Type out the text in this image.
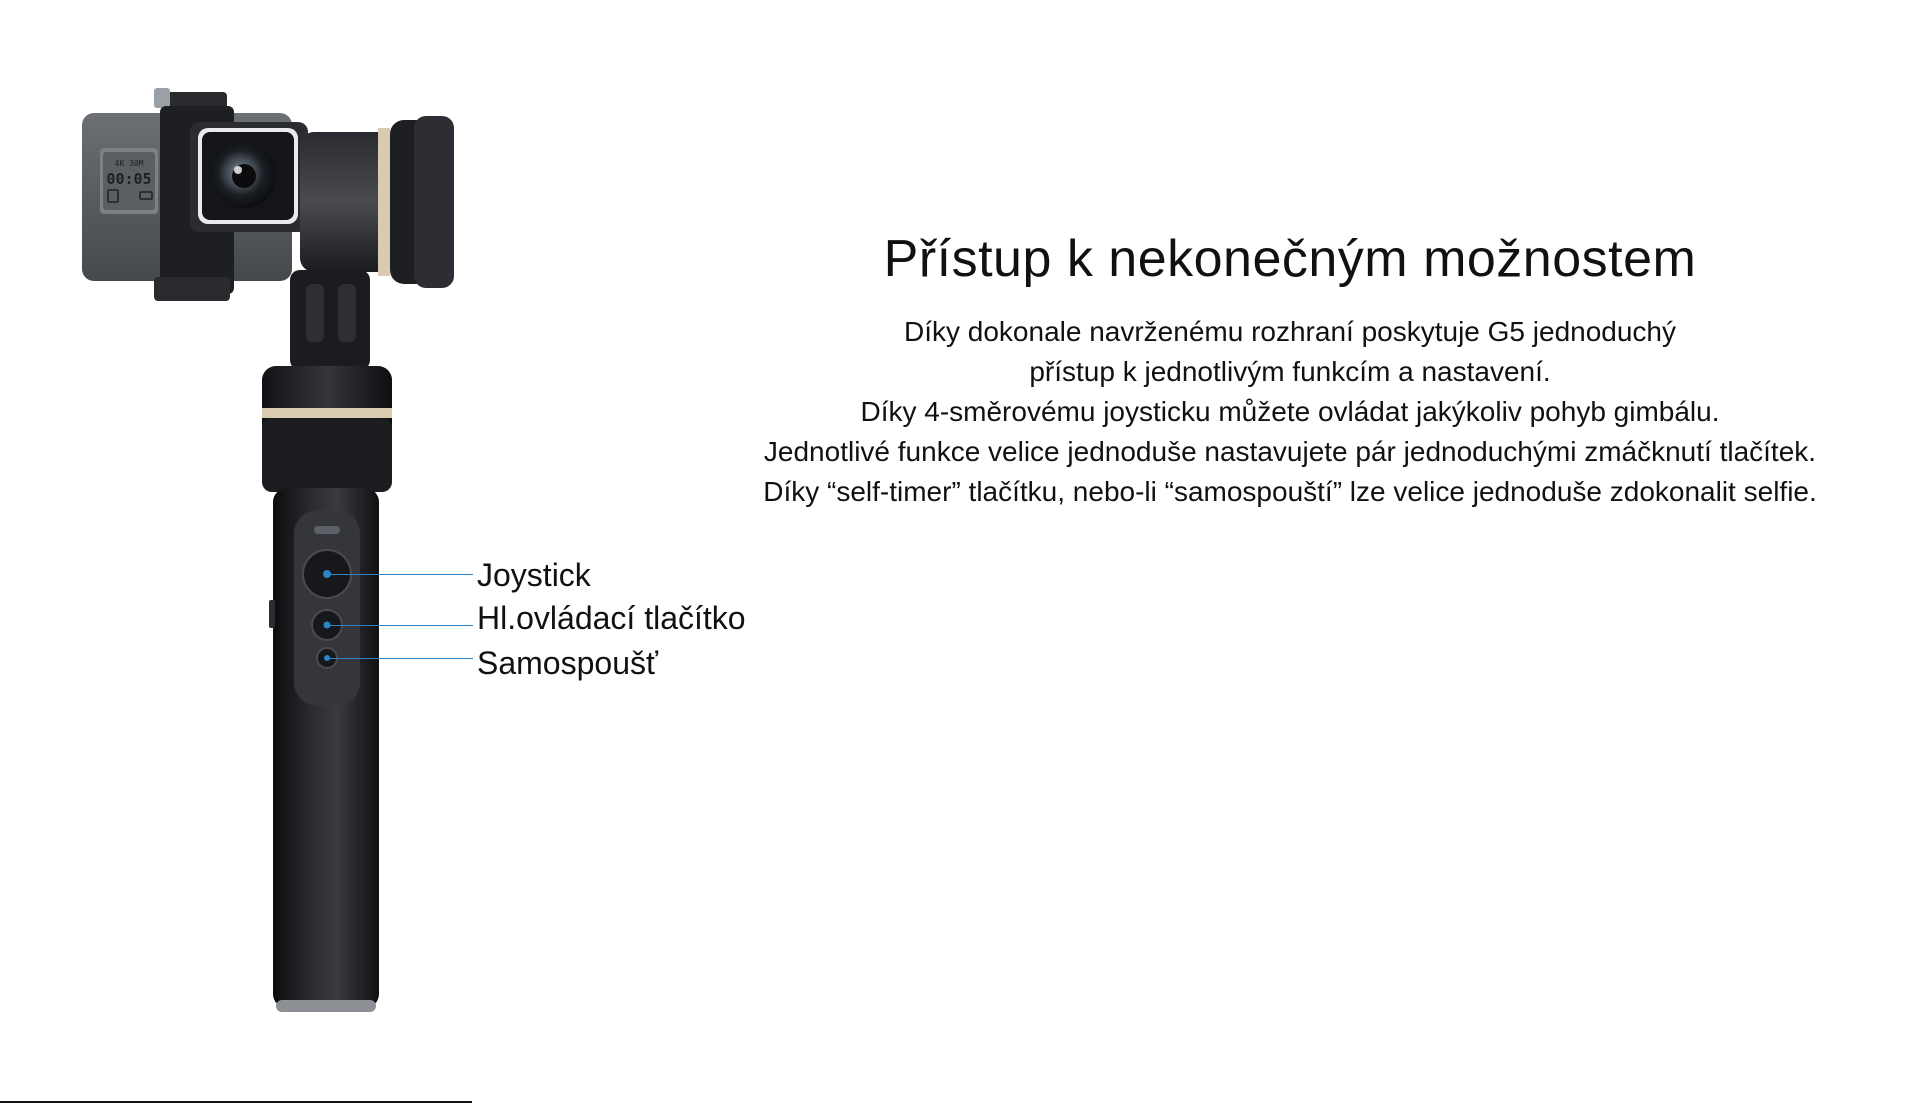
4K 30M
00:05
Joystick
Hl.ovládací tlačítko
Samospoušť
Přístup k nekonečným možnostem

Díky dokonale navrženému rozhraní poskytuje G5 jednoduchý
přístup k jednotlivým funkcím a nastavení.
Díky 4-směrovému joysticku můžete ovládat jakýkoliv pohyb gimbálu.
Jednotlivé funkce velice jednoduše nastavujete pár jednoduchými zmáčknutí tlačítek.
Díky “self-timer” tlačítku, nebo-li “samospouští” lze velice jednoduše zdokonalit selfie.
